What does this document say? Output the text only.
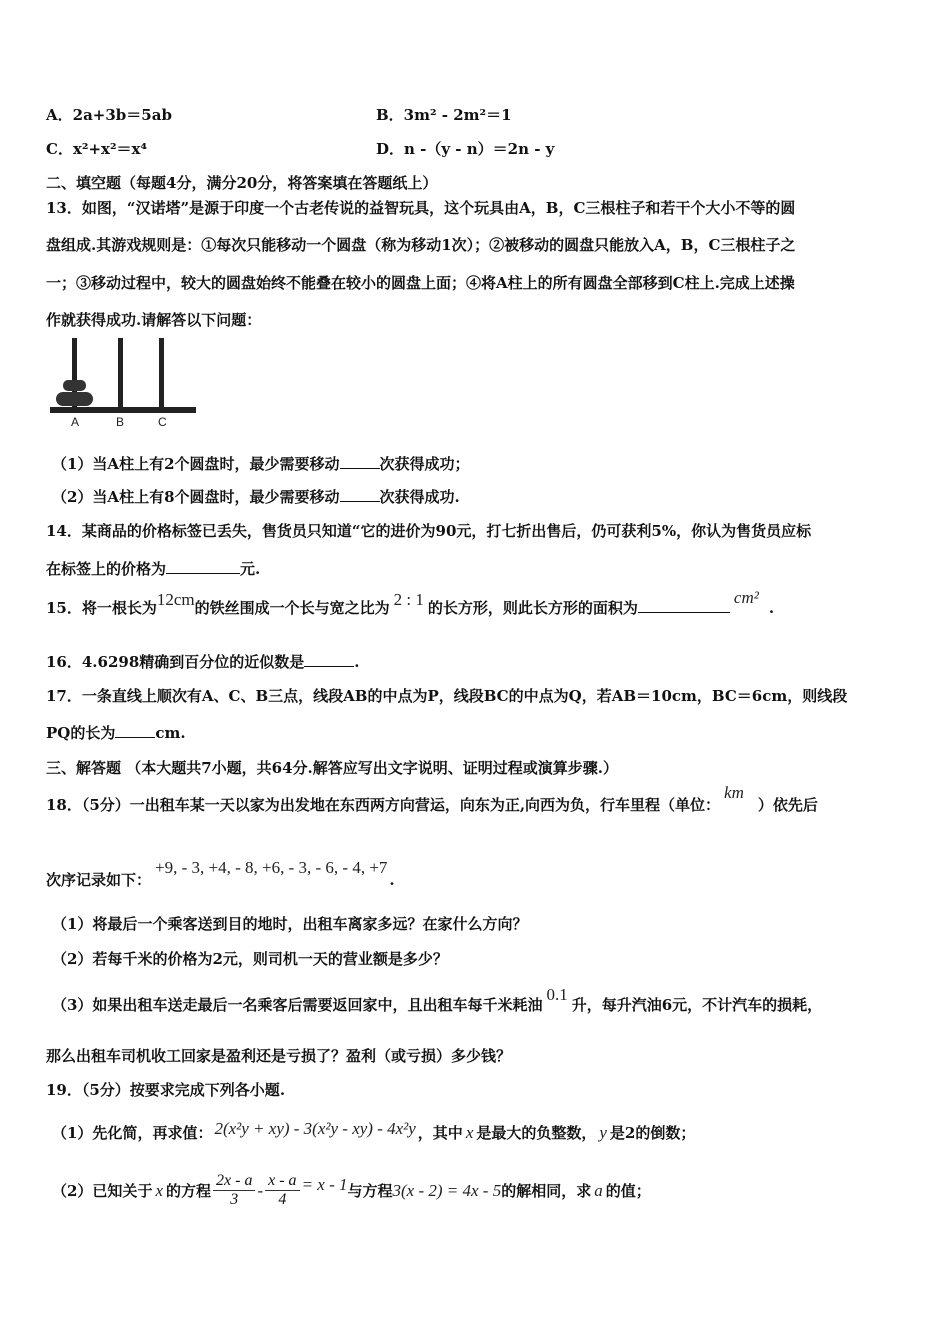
A．2a+3b＝5ab	B．3m² - 2m²＝1
C．x²+x²＝x⁴	D．n -（y - n）＝2n - y
二、填空题（每题4分，满分20分，将答案填在答题纸上）
13．如图，“汉诺塔”是源于印度一个古老传说的益智玩具，这个玩具由A，B，C三根柱子和若干个大小不等的圆
盘组成.其游戏规则是：①每次只能移动一个圆盘（称为移动1次）；②被移动的圆盘只能放入A，B，C三根柱子之
一；③移动过程中，较大的圆盘始终不能叠在较小的圆盘上面；④将A柱上的所有圆盘全部移到C柱上.完成上述操
作就获得成功.请解答以下问题：
A	B	C
（1）当A柱上有2个圆盘时，最少需要移动	次获得成功；
（2）当A柱上有8个圆盘时，最少需要移动	次获得成功.
14．某商品的价格标签已丢失，售货员只知道“它的进价为90元，打七折出售后，仍可获利5%，你认为售货员应标
在标签上的价格为	元.
15．将一根长为12cm的铁丝围成一个长与宽之比为 2 : 1 的长方形，则此长方形的面积为cm².
16．4.6298精确到百分位的近似数是	.
17．一条直线上顺次有A、C、B三点，线段AB的中点为P，线段BC的中点为Q，若AB＝10cm，BC＝6cm，则线段
PQ的长为	cm.
三、解答题 （本大题共7小题，共64分.解答应写出文字说明、证明过程或演算步骤.）
18．（5分）一出租车某一天以家为出发地在东西两方向营运，向东为正,向西为负，行车里程（单位：km）依先后
次序记录如下：+9, - 3, +4, - 8, +6, - 3, - 6, - 4, +7.
（1）将最后一个乘客送到目的地时，出租车离家多远？在家什么方向？
（2）若每千米的价格为2元，则司机一天的营业额是多少？
（3）如果出租车送走最后一名乘客后需要返回家中，且出租车每千米耗油0.1升，每升汽油6元，不计汽车的损耗，
那么出租车司机收工回家是盈利还是亏损了？盈利（或亏损）多少钱？
19．（5分）按要求完成下列各小题.
（1）先化简，再求值： 2(x²y + xy) - 3(x²y - xy) - 4x²y ，其中 x 是最大的负整数， y 是2的倒数；
（2）已知关于 x 的方程 $\frac{2x - a}{3} - \frac{x - a}{4} = x - 1$ 与方程 3(x - 2) = 4x - 5 的解相同，求 a 的值；
